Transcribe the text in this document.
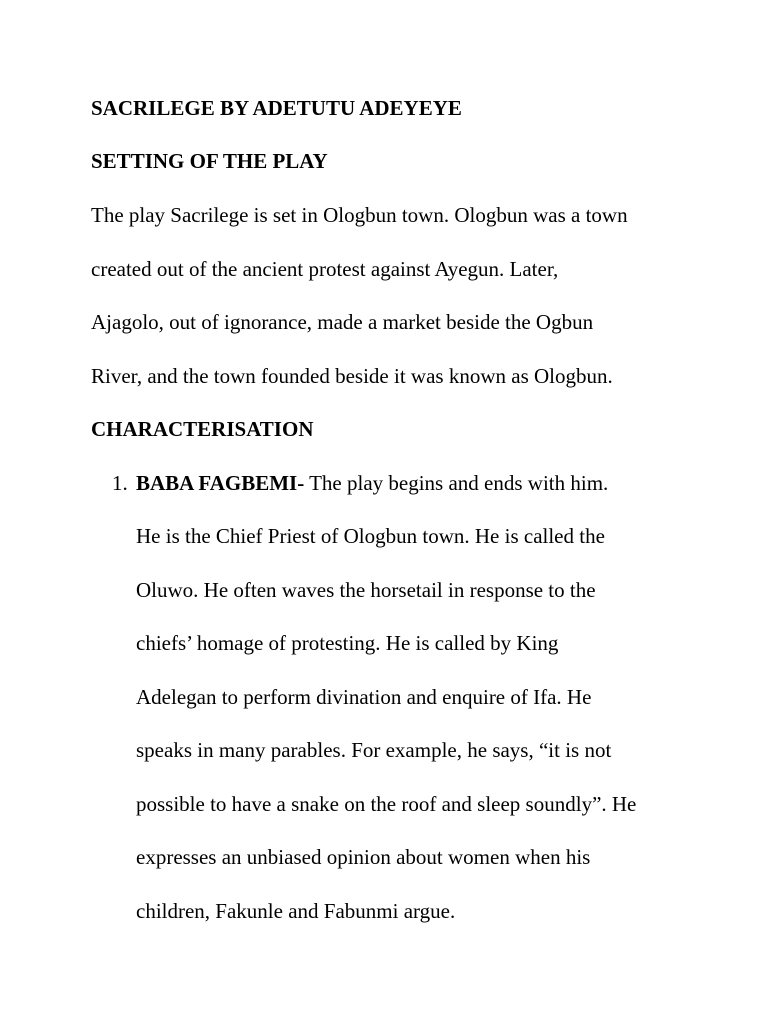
SACRILEGE BY ADETUTU ADEYEYE
SETTING OF THE PLAY
The play Sacrilege is set in Ologbun town. Ologbun was a town
created out of the ancient protest against Ayegun. Later,
Ajagolo, out of ignorance, made a market beside the Ogbun
River, and the town founded beside it was known as Ologbun.
CHARACTERISATION
1. BABA FAGBEMI- The play begins and ends with him.
He is the Chief Priest of Ologbun town. He is called the
Oluwo. He often waves the horsetail in response to the
chiefs’ homage of protesting. He is called by King
Adelegan to perform divination and enquire of Ifa. He
speaks in many parables. For example, he says, “it is not
possible to have a snake on the roof and sleep soundly”. He
expresses an unbiased opinion about women when his
children, Fakunle and Fabunmi argue.
